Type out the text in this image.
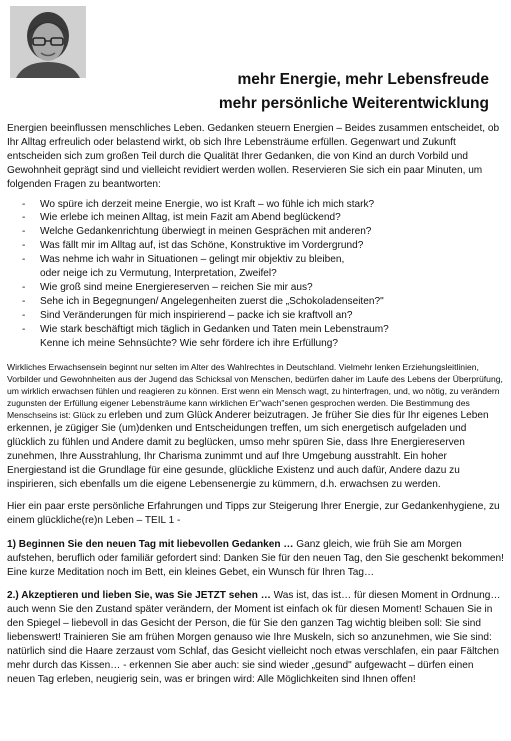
mehr Energie, mehr Lebensfreude
mehr persönliche Weiterentwicklung

Energien beeinflussen menschliches Leben. Gedanken steuern Energien – Beides zusammen entscheidet, ob Ihr Alltag erfreulich oder belastend wirkt, ob sich Ihre Lebensträume erfüllen. Gegenwart und Zukunft entscheiden sich zum großen Teil durch die Qualität Ihrer Gedanken, die von Kind an durch Vorbild und Gewohnheit geprägt sind und vielleicht revidiert werden wollen. Reservieren Sie sich ein paar Minuten, um folgenden Fragen zu beantworten:

- Wo spüre ich derzeit meine Energie, wo ist Kraft – wo fühle ich mich stark?
- Wie erlebe ich meinen Alltag, ist mein Fazit am Abend beglückend?
- Welche Gedankenrichtung überwiegt in meinen Gesprächen mit anderen?
- Was fällt mir im Alltag auf, ist das Schöne, Konstruktive im Vordergrund?
- Was nehme ich wahr in Situationen – gelingt mir objektiv zu bleiben,
oder neige ich zu Vermutung, Interpretation, Zweifel?
- Wie groß sind meine Energiereserven – reichen Sie mir aus?
- Sehe ich in Begegnungen/ Angelegenheiten zuerst die „Schokoladenseiten?"
- Sind Veränderungen für mich inspirierend – packe ich sie kraftvoll an?
- Wie stark beschäftigt mich täglich in Gedanken und Taten mein Lebenstraum?
Kenne ich meine Sehnsüchte? Wie sehr fördere ich ihre Erfüllung?

Wirkliches Erwachsensein beginnt nur selten im Alter des Wahlrechtes in Deutschland. Vielmehr lenken Erziehungsleitlinien, Vorbilder und Gewohnheiten aus der Jugend das Schicksal von Menschen, bedürfen daher im Laufe des Lebens der Überprüfung, um wirklich erwachsen fühlen und reagieren zu können. Erst wenn ein Mensch wagt, zu hinterfragen, und, wo nötig, zu verändern zugunsten der Erfüllung eigener Lebensträume kann wirklichen Er"wach"senen gesprochen werden. Die Bestimmung des Menschseins ist: Glück zu erleben und zum Glück Anderer beizutragen. Je früher Sie dies für Ihr eigenes Leben erkennen, je zügiger Sie (um)denken und Entscheidungen treffen, um sich energetisch aufgeladen und glücklich zu fühlen und Andere damit zu beglücken, umso mehr spüren Sie, dass Ihre Energiereserven zunehmen, Ihre Ausstrahlung, Ihr Charisma zunimmt und auf Ihre Umgebung ausstrahlt. Ein hoher Energiestand ist die Grundlage für eine gesunde, glückliche Existenz und auch dafür, Andere dazu zu inspirieren, sich ebenfalls um die eigene Lebensenergie zu kümmern, d.h. erwachsen zu werden.

Hier ein paar erste persönliche Erfahrungen und Tipps zur Steigerung Ihrer Energie, zur Gedankenhygiene, zu einem glückliche(re)n Leben – TEIL 1 -

1) Beginnen Sie den neuen Tag mit liebevollen Gedanken … Ganz gleich, wie früh Sie am Morgen aufstehen, beruflich oder familiär gefordert sind: Danken Sie für den neuen Tag, den Sie geschenkt bekommen! Eine kurze Meditation noch im Bett, ein kleines Gebet, ein Wunsch für Ihren Tag…

2.) Akzeptieren und lieben Sie, was Sie JETZT sehen … Was ist, das ist… für diesen Moment in Ordnung… auch wenn Sie den Zustand später verändern, der Moment ist einfach ok für diesen Moment! Schauen Sie in den Spiegel – liebevoll in das Gesicht der Person, die für Sie den ganzen Tag wichtig bleiben soll: Sie sind liebenswert! Trainieren Sie am frühen Morgen genauso wie Ihre Muskeln, sich so anzunehmen, wie Sie sind: natürlich sind die Haare zerzaust vom Schlaf, das Gesicht vielleicht noch etwas verschlafen, ein paar Fältchen mehr durch das Kissen… - erkennen Sie aber auch: sie sind wieder „gesund" aufgewacht – dürfen einen neuen Tag erleben, neugierig sein, was er bringen wird: Alle Möglichkeiten sind Ihnen offen!
